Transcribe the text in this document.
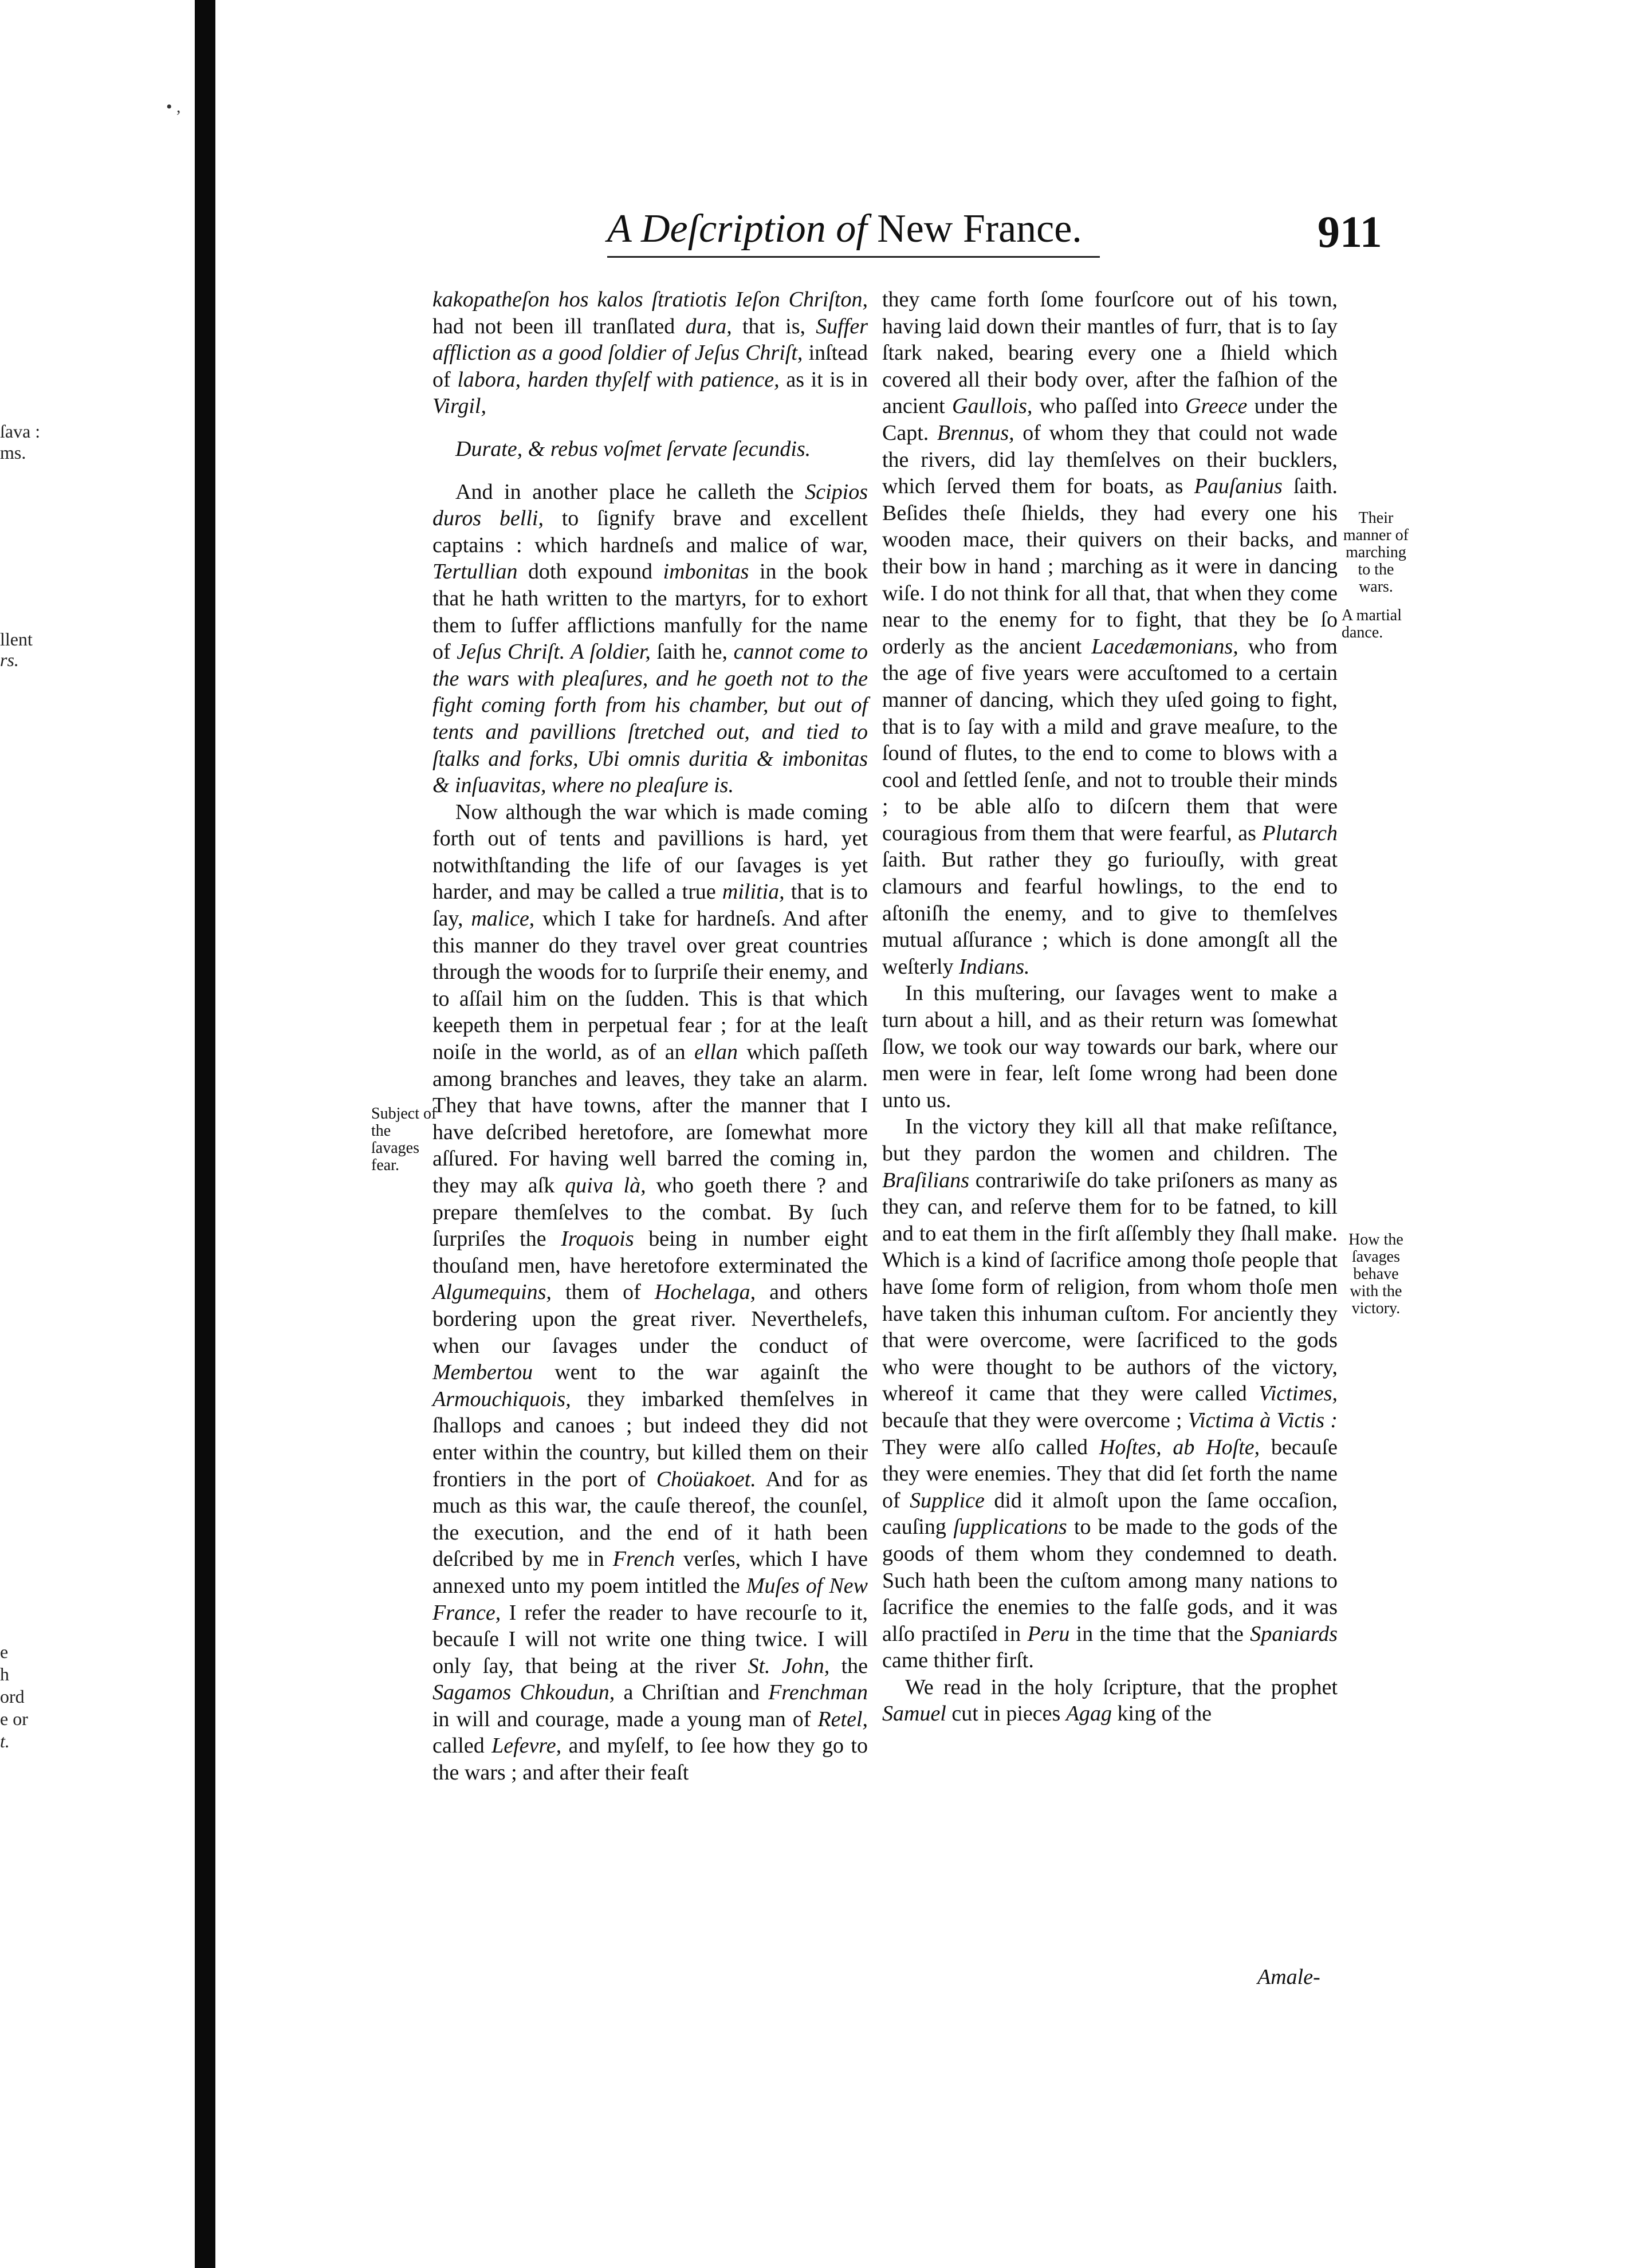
ſava :
ms.
llent
rs.
e
h
ord
e or
t.
• ,
A Deſcription of New France.	911

kakopatheſon hos kalos ſtratiotis Ieſon Chriſton, had not been ill tranſlated dura, that is, Suffer affliction as a good ſoldier of Jeſus Chriſt, inſtead of labora, harden thyſelf with patience, as it is in Virgil,

Durate, & rebus voſmet ſervate ſecundis.

And in another place he calleth the Scipios duros belli, to ſignify brave and excellent captains : which hardneſs and malice of war, Tertullian doth expound imbonitas in the book that he hath written to the martyrs, for to exhort them to ſuffer afflictions manfully for the name of Jeſus Chriſt. A ſoldier, ſaith he, cannot come to the wars with pleaſures, and he goeth not to the fight coming forth from his chamber, but out of tents and pavillions ſtretched out, and tied to ſtalks and forks, Ubi omnis duritia & imbonitas & inſuavitas, where no pleaſure is.

Now although the war which is made coming forth out of tents and pavillions is hard, yet notwithſtanding the life of our ſavages is yet harder, and may be called a true militia, that is to ſay, malice, which I take for hardneſs. And after this manner do they travel over great countries through the woods for to ſurpriſe their enemy, and to aſſail him on the ſudden. This is that which keepeth them in perpetual fear ; for at the leaſt noiſe in the world, as of an ellan which paſſeth among branches and leaves, they take an alarm. They that have towns, after the manner that I have deſcribed heretofore, are ſomewhat more aſſured. For having well barred the coming in, they may aſk quiva là, who goeth there ? and prepare themſelves to the combat. By ſuch ſurpriſes the Iroquois being in number eight thouſand men, have heretofore exterminated the Algumequins, them of Hochelaga, and others bordering upon the great river. Neverthelefs, when our ſavages under the conduct of Membertou went to the war againſt the Armouchiquois, they imbarked themſelves in ſhallops and canoes ; but indeed they did not enter within the country, but killed them on their frontiers in the port of Choüakoet. And for as much as this war, the cauſe thereof, the counſel, the execution, and the end of it hath been deſcribed by me in French verſes, which I have annexed unto my poem intitled the Muſes of New France, I refer the reader to have recourſe to it, becauſe I will not write one thing twice. I will only ſay, that being at the river St. John, the Sagamos Chkoudun, a Chriſtian and Frenchman in will and courage, made a young man of Retel, called Lefevre, and myſelf, to ſee how they go to the wars ; and after their feaſt

they came forth ſome fourſcore out of his town, having laid down their mantles of furr, that is to ſay ſtark naked, bearing every one a ſhield which covered all their body over, after the faſhion of the ancient Gaullois, who paſſed into Greece under the Capt. Brennus, of whom they that could not wade the rivers, did lay themſelves on their bucklers, which ſerved them for boats, as Pauſanius ſaith. Beſides theſe ſhields, they had every one his wooden mace, their quivers on their backs, and their bow in hand ; marching as it were in dancing wiſe. I do not think for all that, that when they come near to the enemy for to fight, that they be ſo orderly as the ancient Lacedæmonians, who from the age of five years were accuſtomed to a certain manner of dancing, which they uſed going to fight, that is to ſay with a mild and grave meaſure, to the ſound of flutes, to the end to come to blows with a cool and ſettled ſenſe, and not to trouble their minds ; to be able alſo to diſcern them that were couragious from them that were fearful, as Plutarch ſaith. But rather they go furiouſly, with great clamours and fearful howlings, to the end to aſtoniſh the enemy, and to give to themſelves mutual aſſurance ; which is done amongſt all the weſterly Indians.

In this muſtering, our ſavages went to make a turn about a hill, and as their return was ſomewhat ſlow, we took our way towards our bark, where our men were in fear, leſt ſome wrong had been done unto us.

In the victory they kill all that make reſiſtance, but they pardon the women and children. The Braſilians contrariwiſe do take priſoners as many as they can, and reſerve them for to be fatned, to kill and to eat them in the firſt aſſembly they ſhall make. Which is a kind of ſacrifice among thoſe people that have ſome form of religion, from whom thoſe men have taken this inhuman cuſtom. For anciently they that were overcome, were ſacrificed to the gods who were thought to be authors of the victory, whereof it came that they were called Victimes, becauſe that they were overcome ; Victima à Victis : They were alſo called Hoſtes, ab Hoſte, becauſe they were enemies. They that did ſet forth the name of Supplice did it almoſt upon the ſame occaſion, cauſing ſupplications to be made to the gods of the goods of them whom they condemned to death. Such hath been the cuſtom among many nations to ſacrifice the enemies to the falſe gods, and it was alſo practiſed in Peru in the time that the Spaniards came thither firſt.

We read in the holy ſcripture, that the prophet Samuel cut in pieces Agag king of the

Subject of the ſavages fear.
Their manner of marching to the wars.
A martial dance.
How the ſavages behave with the victory.
Amale-
